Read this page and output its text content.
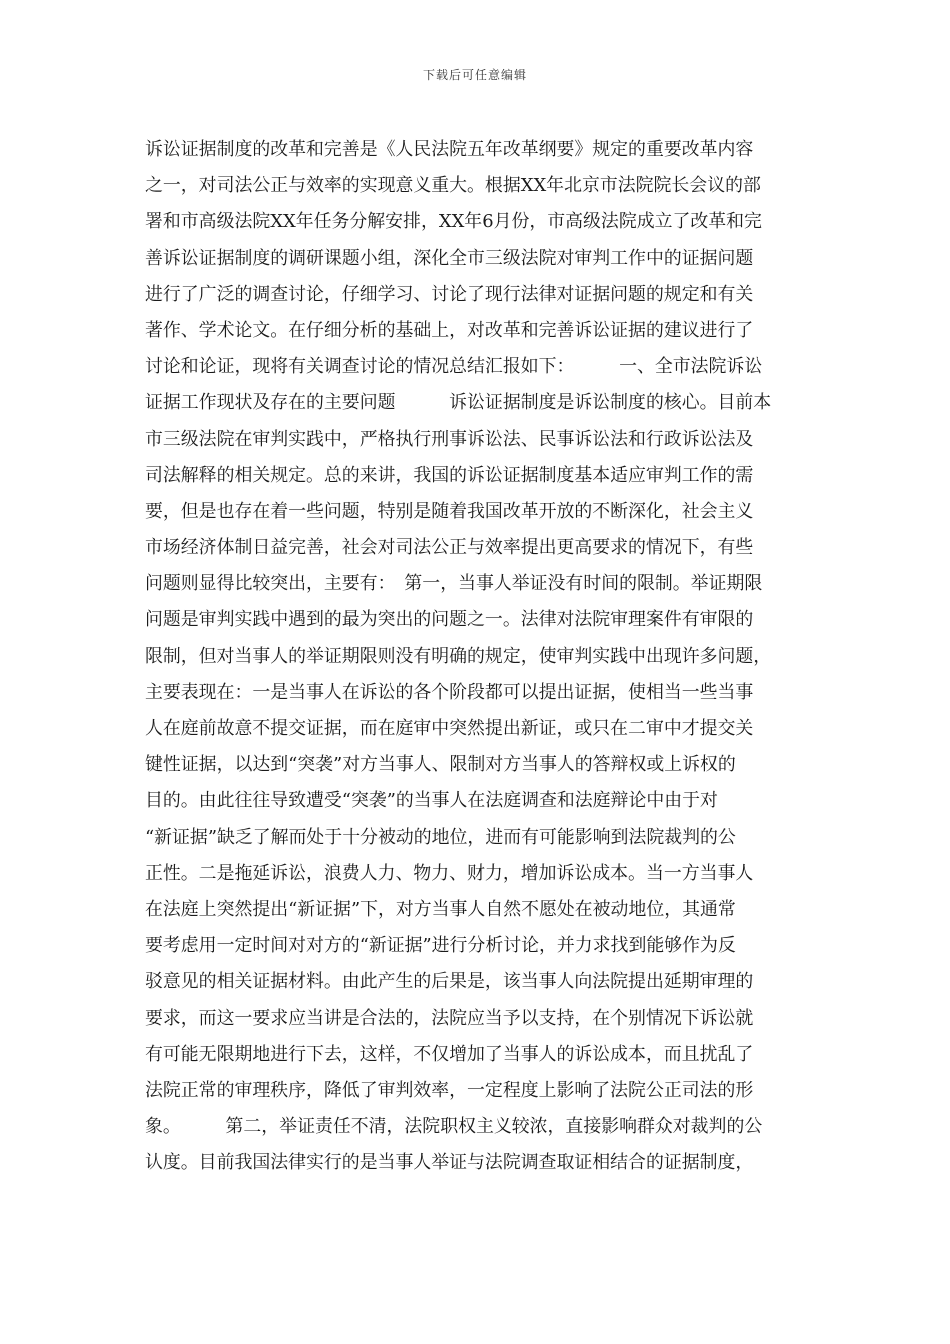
下载后可任意编辑
诉讼证据制度的改革和完善是《人民法院五年改革纲要》规定的重要改革内容
之一，对司法公正与效率的实现意义重大。根据XX年北京市法院院长会议的部
署和市高级法院XX年任务分解安排，XX年6月份，市高级法院成立了改革和完
善诉讼证据制度的调研课题小组，深化全市三级法院对审判工作中的证据问题
进行了广泛的调查讨论，仔细学习、讨论了现行法律对证据问题的规定和有关
著作、学术论文。在仔细分析的基础上，对改革和完善诉讼证据的建议进行了
讨论和论证，现将有关调查讨论的情况总结汇报如下：　　　一、全市法院诉讼
证据工作现状及存在的主要问题　　　诉讼证据制度是诉讼制度的核心。目前本
市三级法院在审判实践中，严格执行刑事诉讼法、民事诉讼法和行政诉讼法及
司法解释的相关规定。总的来讲，我国的诉讼证据制度基本适应审判工作的需
要，但是也存在着一些问题，特别是随着我国改革开放的不断深化，社会主义
市场经济体制日益完善，社会对司法公正与效率提出更高要求的情况下，有些
问题则显得比较突出，主要有：　第一，当事人举证没有时间的限制。举证期限
问题是审判实践中遇到的最为突出的问题之一。法律对法院审理案件有审限的
限制，但对当事人的举证期限则没有明确的规定，使审判实践中出现许多问题，
主要表现在：一是当事人在诉讼的各个阶段都可以提出证据，使相当一些当事
人在庭前故意不提交证据，而在庭审中突然提出新证，或只在二审中才提交关
键性证据，以达到“突袭”对方当事人、限制对方当事人的答辩权或上诉权的
目的。由此往往导致遭受“突袭”的当事人在法庭调查和法庭辩论中由于对
“新证据”缺乏了解而处于十分被动的地位，进而有可能影响到法院裁判的公
正性。二是拖延诉讼，浪费人力、物力、财力，增加诉讼成本。当一方当事人
在法庭上突然提出“新证据”下，对方当事人自然不愿处在被动地位，其通常
要考虑用一定时间对对方的“新证据”进行分析讨论，并力求找到能够作为反
驳意见的相关证据材料。由此产生的后果是，该当事人向法院提出延期审理的
要求，而这一要求应当讲是合法的，法院应当予以支持，在个别情况下诉讼就
有可能无限期地进行下去，这样，不仅增加了当事人的诉讼成本，而且扰乱了
法院正常的审理秩序，降低了审判效率，一定程度上影响了法院公正司法的形
象。　　　第二，举证责任不清，法院职权主义较浓，直接影响群众对裁判的公
认度。目前我国法律实行的是当事人举证与法院调查取证相结合的证据制度，
